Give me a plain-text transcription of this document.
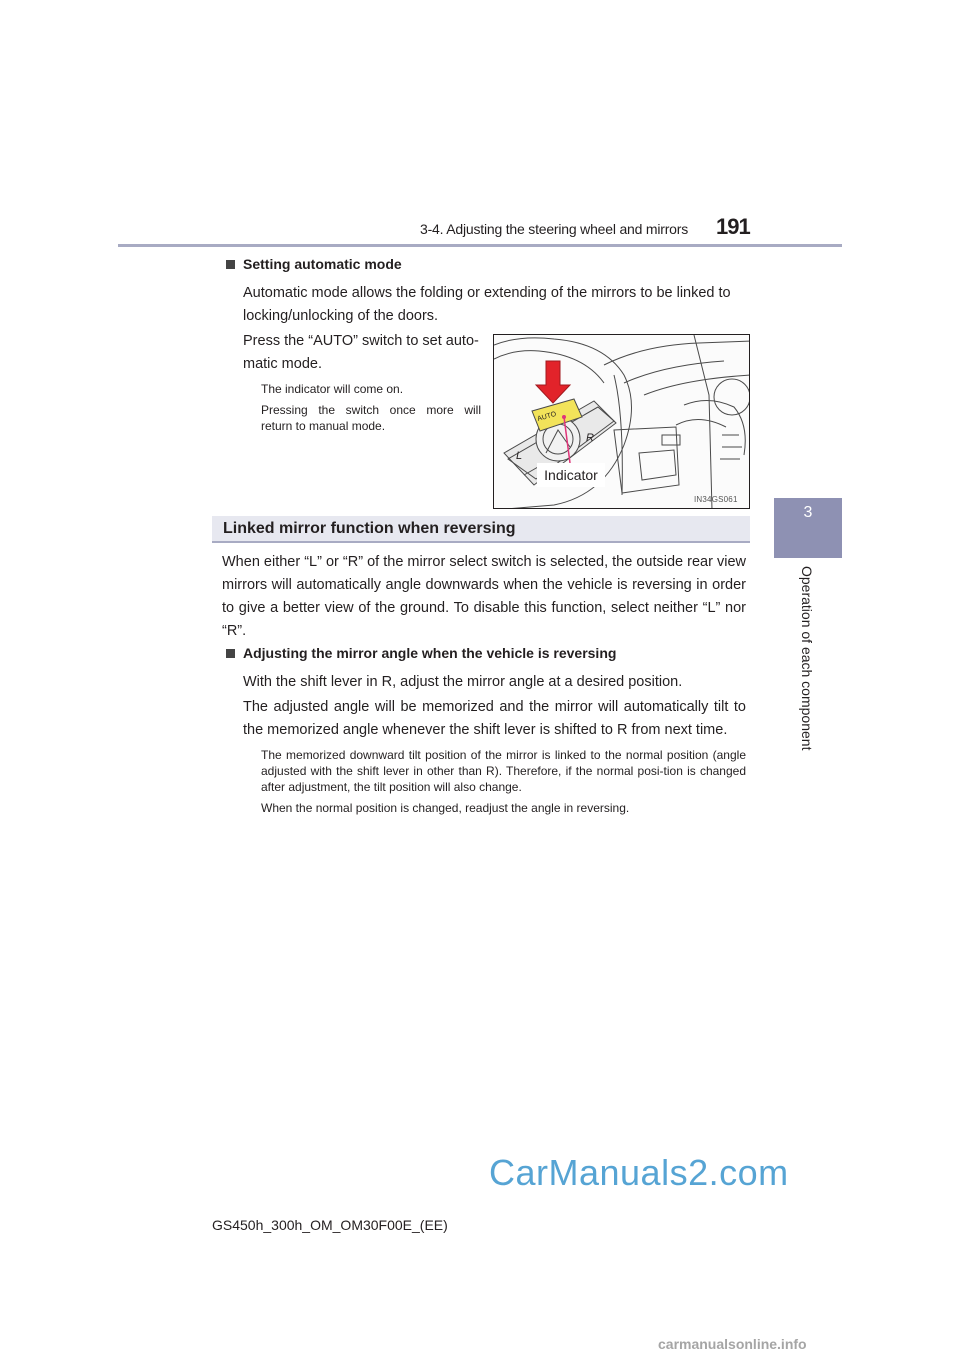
3-4. Adjusting the steering wheel and mirrors 191
3
Operation of each component
Setting automatic mode
Automatic mode allows the folding or extending of the mirrors to be linked to locking/unlocking of the doors.
Press the “AUTO” switch to set auto-
matic mode.
The indicator will come on.
Pressing the switch once more will
return to manual mode.
AUTO
L
R
Indicator
IN34GS061
Linked mirror function when reversing
When either “L” or “R” of the mirror select switch is selected, the outside rear view mirrors will automatically angle downwards when the vehicle is reversing in order to give a better view of the ground. To disable this function, select neither “L” nor “R”.
Adjusting the mirror angle when the vehicle is reversing
With the shift lever in R, adjust the mirror angle at a desired position.
The adjusted angle will be memorized and the mirror will automatically tilt to the memorized angle whenever the shift lever is shifted to R from next time.
The memorized downward tilt position of the mirror is linked to the normal position (angle adjusted with the shift lever in other than R). Therefore, if the normal posi-tion is changed after adjustment, the tilt position will also change.
When the normal position is changed, readjust the angle in reversing.
GS450h_300h_OM_OM30F00E_(EE)
CarManuals2.com
carmanualsonline.info
